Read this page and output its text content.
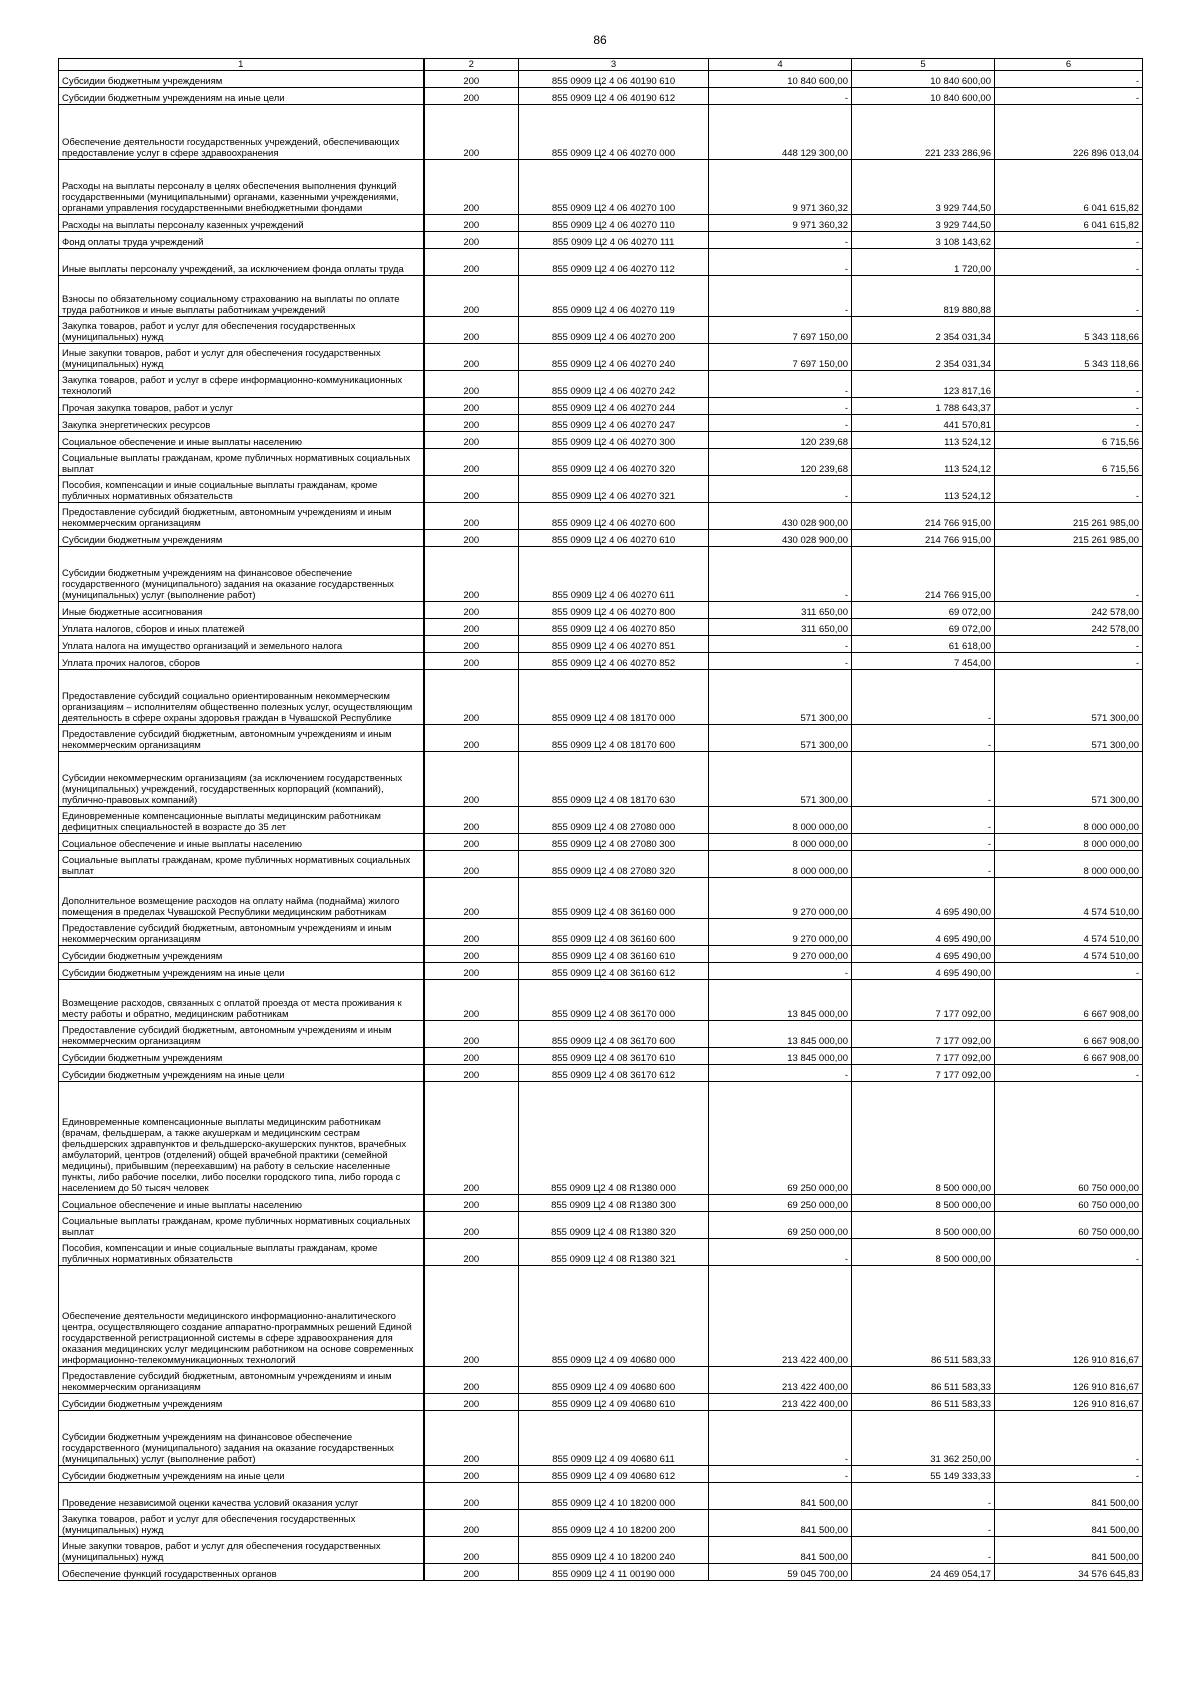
86
1	2	3	4	5	6
Субсидии бюджетным учреждениям	200	855 0909 Ц2 4 06 40190 610	10 840 600,00	10 840 600,00	-
Субсидии бюджетным учреждениям на иные цели	200	855 0909 Ц2 4 06 40190 612	-	10 840 600,00	-
Обеспечение деятельности государственных учреждений, обеспечивающих предоставление услуг в сфере здравоохранения	200	855 0909 Ц2 4 06 40270 000	448 129 300,00	221 233 286,96	226 896 013,04
Расходы на выплаты персоналу в целях обеспечения выполнения функций государственными (муниципальными) органами, казенными учреждениями, органами управления государственными внебюджетными фондами	200	855 0909 Ц2 4 06 40270 100	9 971 360,32	3 929 744,50	6 041 615,82
Расходы на выплаты персоналу казенных учреждений	200	855 0909 Ц2 4 06 40270 110	9 971 360,32	3 929 744,50	6 041 615,82
Фонд оплаты труда учреждений	200	855 0909 Ц2 4 06 40270 111	-	3 108 143,62	-
Иные выплаты персоналу учреждений, за исключением фонда оплаты труда	200	855 0909 Ц2 4 06 40270 112	-	1 720,00	-
Взносы по обязательному социальному страхованию на выплаты по оплате труда работников и иные выплаты работникам учреждений	200	855 0909 Ц2 4 06 40270 119	-	819 880,88	-
Закупка товаров, работ и услуг для обеспечения государственных (муниципальных) нужд	200	855 0909 Ц2 4 06 40270 200	7 697 150,00	2 354 031,34	5 343 118,66
Иные закупки товаров, работ и услуг для обеспечения государственных (муниципальных) нужд	200	855 0909 Ц2 4 06 40270 240	7 697 150,00	2 354 031,34	5 343 118,66
Закупка товаров, работ и услуг в сфере информационно-коммуникационных технологий	200	855 0909 Ц2 4 06 40270 242	-	123 817,16	-
Прочая закупка товаров, работ и услуг	200	855 0909 Ц2 4 06 40270 244	-	1 788 643,37	-
Закупка энергетических ресурсов	200	855 0909 Ц2 4 06 40270 247	-	441 570,81	-
Социальное обеспечение и иные выплаты населению	200	855 0909 Ц2 4 06 40270 300	120 239,68	113 524,12	6 715,56
Социальные выплаты гражданам, кроме публичных нормативных социальных выплат	200	855 0909 Ц2 4 06 40270 320	120 239,68	113 524,12	6 715,56
Пособия, компенсации и иные социальные выплаты гражданам, кроме публичных нормативных обязательств	200	855 0909 Ц2 4 06 40270 321	-	113 524,12	-
Предоставление субсидий бюджетным, автономным учреждениям и иным некоммерческим организациям	200	855 0909 Ц2 4 06 40270 600	430 028 900,00	214 766 915,00	215 261 985,00
Субсидии бюджетным учреждениям	200	855 0909 Ц2 4 06 40270 610	430 028 900,00	214 766 915,00	215 261 985,00
Субсидии бюджетным учреждениям на финансовое обеспечение государственного (муниципального) задания на оказание государственных (муниципальных) услуг (выполнение работ)	200	855 0909 Ц2 4 06 40270 611	-	214 766 915,00	-
Иные бюджетные ассигнования	200	855 0909 Ц2 4 06 40270 800	311 650,00	69 072,00	242 578,00
Уплата налогов, сборов и иных платежей	200	855 0909 Ц2 4 06 40270 850	311 650,00	69 072,00	242 578,00
Уплата налога на имущество организаций и земельного налога	200	855 0909 Ц2 4 06 40270 851	-	61 618,00	-
Уплата прочих налогов, сборов	200	855 0909 Ц2 4 06 40270 852	-	7 454,00	-
Предоставление субсидий социально ориентированным некоммерческим организациям – исполнителям общественно полезных услуг, осуществляющим деятельность в сфере охраны здоровья граждан в Чувашской Республике	200	855 0909 Ц2 4 08 18170 000	571 300,00	-	571 300,00
Предоставление субсидий бюджетным, автономным учреждениям и иным некоммерческим организациям	200	855 0909 Ц2 4 08 18170 600	571 300,00	-	571 300,00
Субсидии некоммерческим организациям (за исключением государственных (муниципальных) учреждений, государственных корпораций (компаний), публично-правовых компаний)	200	855 0909 Ц2 4 08 18170 630	571 300,00	-	571 300,00
Единовременные компенсационные выплаты медицинским работникам дефицитных специальностей в возрасте до 35 лет	200	855 0909 Ц2 4 08 27080 000	8 000 000,00	-	8 000 000,00
Социальное обеспечение и иные выплаты населению	200	855 0909 Ц2 4 08 27080 300	8 000 000,00	-	8 000 000,00
Социальные выплаты гражданам, кроме публичных нормативных социальных выплат	200	855 0909 Ц2 4 08 27080 320	8 000 000,00	-	8 000 000,00
Дополнительное возмещение расходов на оплату найма (поднайма) жилого помещения в пределах Чувашской Республики медицинским работникам	200	855 0909 Ц2 4 08 36160 000	9 270 000,00	4 695 490,00	4 574 510,00
Предоставление субсидий бюджетным, автономным учреждениям и иным некоммерческим организациям	200	855 0909 Ц2 4 08 36160 600	9 270 000,00	4 695 490,00	4 574 510,00
Субсидии бюджетным учреждениям	200	855 0909 Ц2 4 08 36160 610	9 270 000,00	4 695 490,00	4 574 510,00
Субсидии бюджетным учреждениям на иные цели	200	855 0909 Ц2 4 08 36160 612	-	4 695 490,00	-
Возмещение расходов, связанных с оплатой проезда от места проживания к месту работы и обратно, медицинским работникам	200	855 0909 Ц2 4 08 36170 000	13 845 000,00	7 177 092,00	6 667 908,00
Предоставление субсидий бюджетным, автономным учреждениям и иным некоммерческим организациям	200	855 0909 Ц2 4 08 36170 600	13 845 000,00	7 177 092,00	6 667 908,00
Субсидии бюджетным учреждениям	200	855 0909 Ц2 4 08 36170 610	13 845 000,00	7 177 092,00	6 667 908,00
Субсидии бюджетным учреждениям на иные цели	200	855 0909 Ц2 4 08 36170 612	-	7 177 092,00	-
Единовременные компенсационные выплаты медицинским работникам (врачам, фельдшерам, а также акушеркам и медицинским сестрам фельдшерских здравпунктов и фельдшерско-акушерских пунктов, врачебных амбулаторий, центров (отделений) общей врачебной практики (семейной медицины), прибывшим (переехавшим) на работу в сельские населенные пункты, либо рабочие поселки, либо поселки городского типа, либо города с населением до 50 тысяч человек	200	855 0909 Ц2 4 08 R1380 000	69 250 000,00	8 500 000,00	60 750 000,00
Социальное обеспечение и иные выплаты населению	200	855 0909 Ц2 4 08 R1380 300	69 250 000,00	8 500 000,00	60 750 000,00
Социальные выплаты гражданам, кроме публичных нормативных социальных выплат	200	855 0909 Ц2 4 08 R1380 320	69 250 000,00	8 500 000,00	60 750 000,00
Пособия, компенсации и иные социальные выплаты гражданам, кроме публичных нормативных обязательств	200	855 0909 Ц2 4 08 R1380 321	-	8 500 000,00	-
Обеспечение деятельности медицинского информационно-аналитического центра, осуществляющего создание аппаратно-программных решений Единой государственной регистрационной системы в сфере здравоохранения для оказания медицинских услуг медицинским работником на основе современных информационно-телекоммуникационных технологий	200	855 0909 Ц2 4 09 40680 000	213 422 400,00	86 511 583,33	126 910 816,67
Предоставление субсидий бюджетным, автономным учреждениям и иным некоммерческим организациям	200	855 0909 Ц2 4 09 40680 600	213 422 400,00	86 511 583,33	126 910 816,67
Субсидии бюджетным учреждениям	200	855 0909 Ц2 4 09 40680 610	213 422 400,00	86 511 583,33	126 910 816,67
Субсидии бюджетным учреждениям на финансовое обеспечение государственного (муниципального) задания на оказание государственных (муниципальных) услуг (выполнение работ)	200	855 0909 Ц2 4 09 40680 611	-	31 362 250,00	-
Субсидии бюджетным учреждениям на иные цели	200	855 0909 Ц2 4 09 40680 612	-	55 149 333,33	-
Проведение независимой оценки качества условий оказания услуг	200	855 0909 Ц2 4 10 18200 000	841 500,00	-	841 500,00
Закупка товаров, работ и услуг для обеспечения государственных (муниципальных) нужд	200	855 0909 Ц2 4 10 18200 200	841 500,00	-	841 500,00
Иные закупки товаров, работ и услуг для обеспечения государственных (муниципальных) нужд	200	855 0909 Ц2 4 10 18200 240	841 500,00	-	841 500,00
Обеспечение функций государственных органов	200	855 0909 Ц2 4 11 00190 000	59 045 700,00	24 469 054,17	34 576 645,83
